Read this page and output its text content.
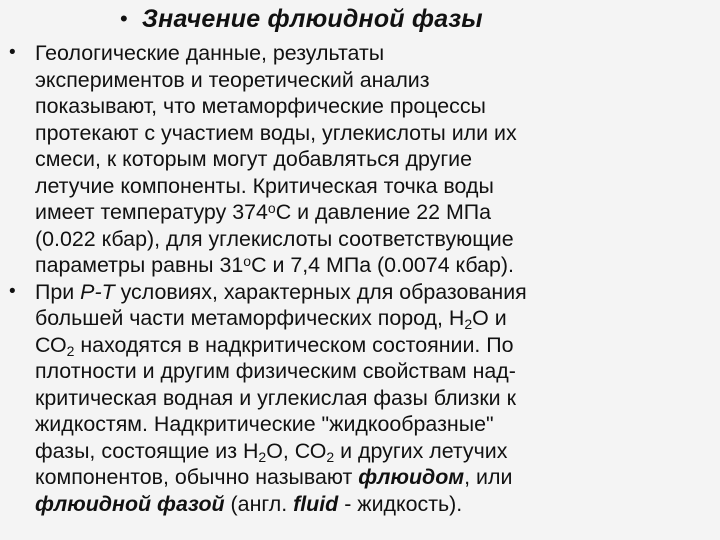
• Значение флюидной фазы

• Геологические данные, результаты
экспериментов и теоретический анализ
показывают, что метаморфические процессы
протекают с участием воды, углекислоты или их
смеси, к которым могут добавляться другие
летучие компоненты. Критическая точка воды
имеет температуру $374^оС$ и давление 22 МПа
(0.022 кбар), для углекислоты соответствующие
параметры равны $31^оС$ и 7,4 МПа (0.0074 кбар).

• При Р-Т условиях, характерных для образования
большей части метаморфических пород, $Н_2О$ и
$СО_2$ находятся в надкритическом состоянии. По
плотности и другим физическим свойствам над-
критическая водная и углекислая фазы близки к
жидкостям. Надкритические "жидкообразные"
фазы, состоящие из $Н_2О$, $СО_2$ и других летучих
компонентов, обычно называют флюидом, или
флюидной фазой (англ. fluid - жидкость).
